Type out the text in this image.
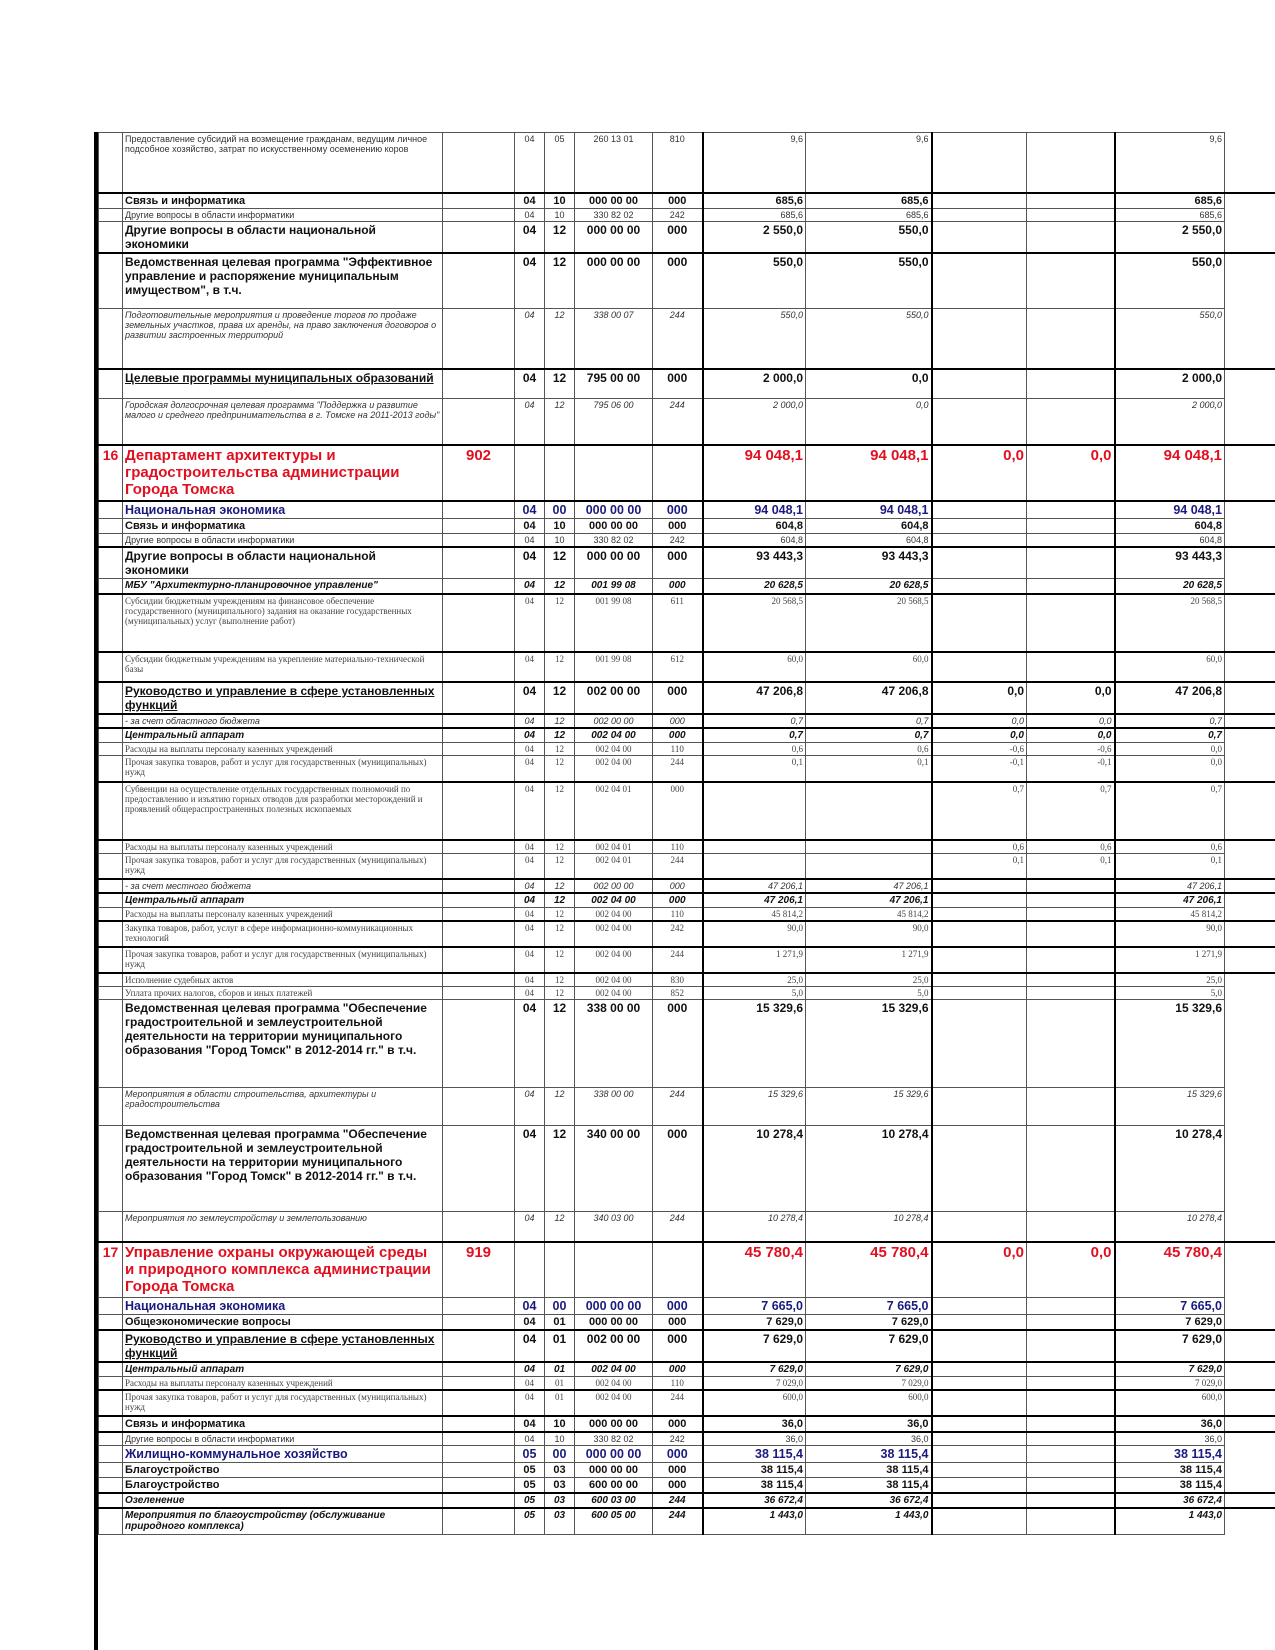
	Предоставление субсидий на возмещение гражданам, ведущим личное подсобное хозяйство, затрат по искусственному осеменению коров		04	05	260 13 01	810	9,6	9,6			9,6	
	Связь и информатика		04	10	000 00 00	000	685,6	685,6			685,6	
	Другие вопросы в области информатики		04	10	330 82 02	242	685,6	685,6			685,6	
	Другие вопросы в области национальной экономики		04	12	000 00 00	000	2 550,0	550,0			2 550,0	
	Ведомственная целевая программа "Эффективное управление и распоряжение муниципальным имуществом", в т.ч.		04	12	000 00 00	000	550,0	550,0			550,0	
	Подготовительные мероприятия и проведение торгов по продаже земельных участков, права их аренды, на право заключения договоров о развитии застроенных территорий		04	12	338 00 07	244	550,0	550,0			550,0	
	Целевые программы муниципальных образований		04	12	795 00 00	000	2 000,0	0,0			2 000,0	
	Городская долгосрочная целевая программа "Поддержка и развитие малого и среднего предпринимательства в г. Томске на 2011-2013 годы"		04	12	795 06 00	244	2 000,0	0,0			2 000,0	
16	Департамент архитектуры и градостроительства администрации Города Томска	902					94 048,1	94 048,1	0,0	0,0	94 048,1	
	Национальная экономика		04	00	000 00 00	000	94 048,1	94 048,1			94 048,1	
	Связь и информатика		04	10	000 00 00	000	604,8	604,8			604,8	
	Другие вопросы в области информатики		04	10	330 82 02	242	604,8	604,8			604,8	
	Другие вопросы в области национальной экономики		04	12	000 00 00	000	93 443,3	93 443,3			93 443,3	
	МБУ "Архитектурно-планировочное управление"		04	12	001 99 08	000	20 628,5	20 628,5			20 628,5	
	Субсидии бюджетным учреждениям на финансовое обеспечение государственного (муниципального) задания на оказание государственных (муниципальных) услуг (выполнение работ)		04	12	001 99 08	611	20 568,5	20 568,5			20 568,5	
	Субсидии бюджетным учреждениям на укрепление материально-технической базы		04	12	001 99 08	612	60,0	60,0			60,0	
	Руководство и управление в сфере установленных функций		04	12	002 00 00	000	47 206,8	47 206,8	0,0	0,0	47 206,8	
	- за счет областного бюджета		04	12	002 00 00	000	0,7	0,7	0,0	0,0	0,7	
	Центральный аппарат		04	12	002 04 00	000	0,7	0,7	0,0	0,0	0,7	
	Расходы на выплаты персоналу казенных учреждений		04	12	002 04 00	110	0,6	0,6	-0,6	-0,6	0,0	
	Прочая закупка товаров, работ и услуг для государственных (муниципальных) нужд		04	12	002 04 00	244	0,1	0,1	-0,1	-0,1	0,0	
	Субвенции на осуществление отдельных государственных полномочий по предоставлению и изъятию горных отводов для разработки месторождений и проявлений общераспространенных полезных ископаемых		04	12	002 04 01	000			0,7	0,7	0,7	
	Расходы на выплаты персоналу казенных учреждений		04	12	002 04 01	110			0,6	0,6	0,6	
	Прочая закупка товаров, работ и услуг для государственных (муниципальных) нужд		04	12	002 04 01	244			0,1	0,1	0,1	
	- за счет местного бюджета		04	12	002 00 00	000	47 206,1	47 206,1			47 206,1	
	Центральный аппарат		04	12	002 04 00	000	47 206,1	47 206,1			47 206,1	
	Расходы на выплаты персоналу казенных учреждений		04	12	002 04 00	110	45 814,2	45 814,2			45 814,2	
	Закупка товаров, работ, услуг в сфере информационно-коммуникационных технологий		04	12	002 04 00	242	90,0	90,0			90,0	
	Прочая закупка товаров, работ и услуг для государственных (муниципальных) нужд		04	12	002 04 00	244	1 271,9	1 271,9			1 271,9	
	Исполнение судебных актов		04	12	002 04 00	830	25,0	25,0			25,0	
	Уплата прочих налогов, сборов и иных платежей		04	12	002 04 00	852	5,0	5,0			5,0	
	Ведомственная целевая программа "Обеспечение градостроительной и землеустроительной деятельности на территории муниципального образования "Город Томск" в 2012-2014 гг." в т.ч.		04	12	338 00 00	000	15 329,6	15 329,6			15 329,6	
	Мероприятия в области строительства, архитектуры и градостроительства		04	12	338 00 00	244	15 329,6	15 329,6			15 329,6	
	Ведомственная целевая программа "Обеспечение градостроительной и землеустроительной деятельности на территории муниципального образования "Город Томск" в 2012-2014 гг." в т.ч.		04	12	340 00 00	000	10 278,4	10 278,4			10 278,4	
	Мероприятия по землеустройству и землепользованию		04	12	340 03 00	244	10 278,4	10 278,4			10 278,4	
17	Управление охраны окружающей среды и природного комплекса администрации Города Томска	919					45 780,4	45 780,4	0,0	0,0	45 780,4	
	Национальная экономика		04	00	000 00 00	000	7 665,0	7 665,0			7 665,0	
	Общеэкономические вопросы		04	01	000 00 00	000	7 629,0	7 629,0			7 629,0	
	Руководство и управление в сфере установленных функций		04	01	002 00 00	000	7 629,0	7 629,0			7 629,0	
	Центральный аппарат		04	01	002 04 00	000	7 629,0	7 629,0			7 629,0	
	Расходы на выплаты персоналу казенных учреждений		04	01	002 04 00	110	7 029,0	7 029,0			7 029,0	
	Прочая закупка товаров, работ и услуг для государственных (муниципальных) нужд		04	01	002 04 00	244	600,0	600,0			600,0	
	Связь и информатика		04	10	000 00 00	000	36,0	36,0			36,0	
	Другие вопросы в области информатики		04	10	330 82 02	242	36,0	36,0			36,0	
	Жилищно-коммунальное хозяйство		05	00	000 00 00	000	38 115,4	38 115,4			38 115,4	
	Благоустройство		05	03	000 00 00	000	38 115,4	38 115,4			38 115,4	
	Благоустройство		05	03	600 00 00	000	38 115,4	38 115,4			38 115,4	
	Озеленение		05	03	600 03 00	244	36 672,4	36 672,4			36 672,4	
	Мероприятия по благоустройству (обслуживание природного комплекса)		05	03	600 05 00	244	1 443,0	1 443,0			1 443,0	
